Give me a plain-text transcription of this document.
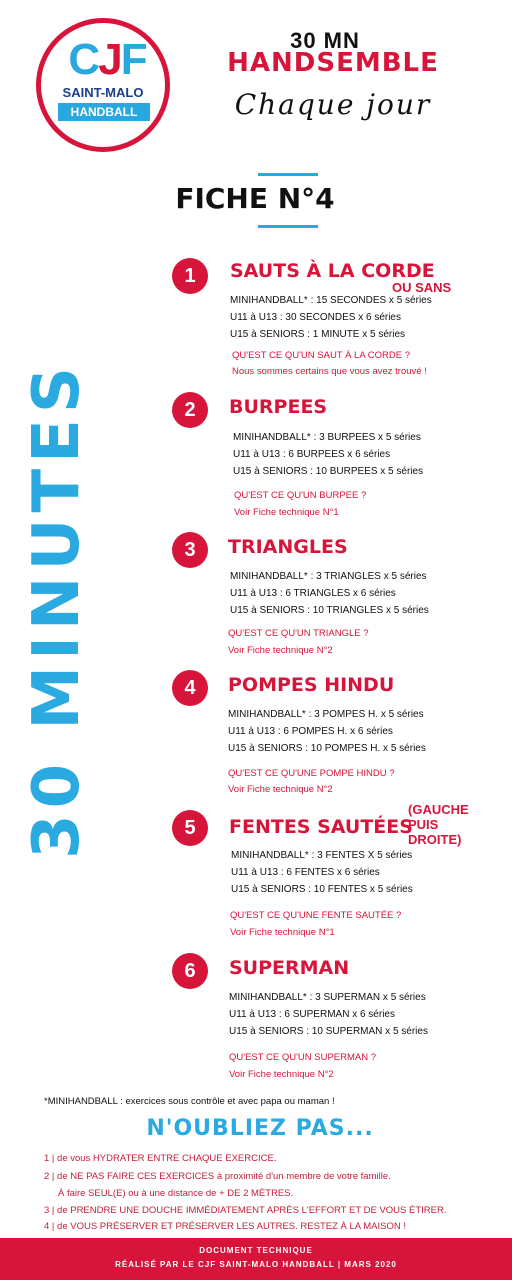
CJF
SAINT-MALO
HANDBALL
30 MN
HANDSEMBLE
Chaque jour
FICHE N°4
30 MINUTES
1	SAUTS À LA CORDE
OU SANS
MINIHANDBALL* : 15 SECONDES x 5 séries
U11 à U13 : 30 SECONDES x 6 séries
U15 à SENIORS : 1 MINUTE x 5 séries
QU'EST CE QU'UN SAUT À LA CORDE ?
Nous sommes certains que vous avez trouvé !
2	BURPEES
MINIHANDBALL* : 3 BURPEES x 5 séries
U11 à U13 : 6 BURPEES x 6 séries
U15 à SENIORS : 10 BURPEES x 5 séries
QU'EST CE QU'UN BURPEE ?
Voir Fiche technique N°1
3	TRIANGLES
MINIHANDBALL* : 3 TRIANGLES x 5 séries
U11 à U13 : 6 TRIANGLES x 6 séries
U15 à SENIORS : 10 TRIANGLES x 5 séries
QU'EST CE QU'UN TRIANGLE ?
Voir Fiche technique N°2
4	POMPES HINDU
MINIHANDBALL* : 3 POMPES H. x 5 séries
U11 à U13 : 6 POMPES H. x 6 séries
U15 à SENIORS : 10 POMPES H. x 5 séries
QU'EST CE QU'UNE POMPE HINDU ?
Voir Fiche technique N°2
5	FENTES SAUTÉES
(GAUCHE PUIS DROITE)
MINIHANDBALL* : 3 FENTES X 5 séries
U11 à U13 : 6 FENTES x 6 séries
U15 à SENIORS : 10 FENTES x 5 séries
QU'EST CE QU'UNE FENTE SAUTÉE ?
Voir Fiche technique N°1
6	SUPERMAN
MINIHANDBALL* : 3 SUPERMAN x 5 séries
U11 à U13 : 6 SUPERMAN x 6 séries
U15 à SENIORS : 10 SUPERMAN x 5 séries
QU'EST CE QU'UN SUPERMAN ?
Voir Fiche technique N°2
*MINIHANDBALL : exercices sous contrôle et avec papa ou maman !
N'OUBLIEZ PAS...
1 | de vous HYDRATER ENTRE CHAQUE EXERCICE.
2 | de NE PAS FAIRE CES EXERCICES à proximité d'un membre de votre famille.
À faire SEUL(E) ou à une distance de + DE 2 MÈTRES.
3 | de PRENDRE UNE DOUCHE IMMÉDIATEMENT APRÈS L'EFFORT ET DE VOUS ÉTIRER.
4 | de VOUS PRÉSERVER ET PRÉSERVER LES AUTRES. RESTEZ À LA MAISON !
DOCUMENT TECHNIQUE
RÉALISÉ PAR LE CJF SAINT-MALO HANDBALL | MARS 2020
